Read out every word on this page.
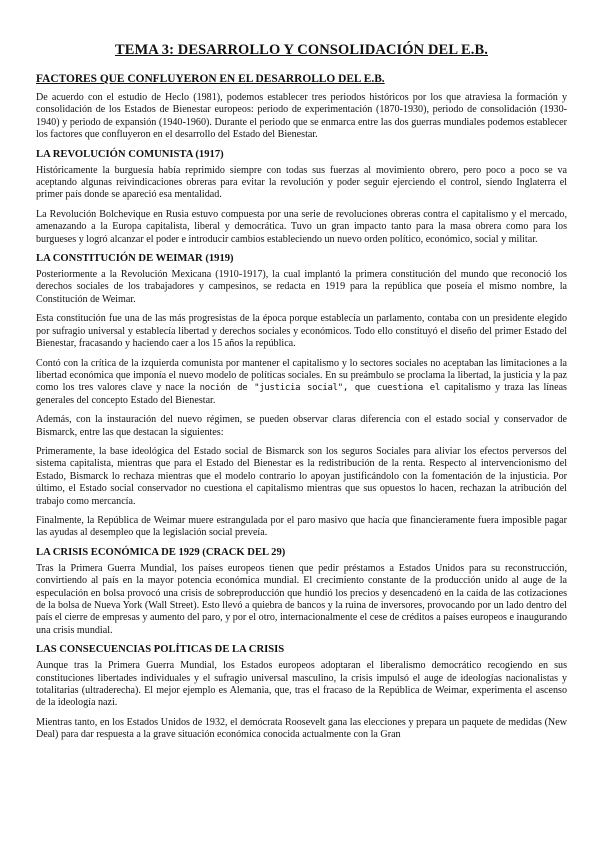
TEMA 3: DESARROLLO Y CONSOLIDACIÓN DEL E.B.
FACTORES QUE CONFLUYERON EN EL DESARROLLO DEL E.B.
De acuerdo con el estudio de Heclo (1981), podemos establecer tres periodos históricos por los que atraviesa la formación y consolidación de los Estados de Bienestar europeos: periodo de experimentación (1870-1930), periodo de consolidación (1930-1940) y periodo de expansión (1940-1960). Durante el periodo que se enmarca entre las dos guerras mundiales podemos establecer los factores que confluyeron en el desarrollo del Estado del Bienestar.
LA REVOLUCIÓN COMUNISTA (1917)
Históricamente la burguesía había reprimido siempre con todas sus fuerzas al movimiento obrero, pero poco a poco se va aceptando algunas reivindicaciones obreras para evitar la revolución y poder seguir ejerciendo el control, siendo Inglaterra el primer país donde se apareció esa mentalidad.
La Revolución Bolchevique en Rusia estuvo compuesta por una serie de revoluciones obreras contra el capitalismo y el mercado, amenazando a la Europa capitalista, liberal y democrática. Tuvo un gran impacto tanto para la masa obrera como para los burgueses y logró alcanzar el poder e introducir cambios estableciendo un nuevo orden político, económico, social y militar.
LA CONSTITUCIÓN DE WEIMAR (1919)
Posteriormente a la Revolución Mexicana (1910-1917), la cual implantó la primera constitución del mundo que reconoció los derechos sociales de los trabajadores y campesinos, se redacta en 1919 para la república que poseía el mismo nombre, la Constitución de Weimar.
Esta constitución fue una de las más progresistas de la época porque establecía un parlamento, contaba con un presidente elegido por sufragio universal y establecía libertad y derechos sociales y económicos. Todo ello constituyó el diseño del primer Estado del Bienestar, fracasando y haciendo caer a los 15 años la república.
Contó con la crítica de la izquierda comunista por mantener el capitalismo y lo sectores sociales no aceptaban las limitaciones a la libertad económica que imponía el nuevo modelo de políticas sociales. En su preámbulo se proclama la libertad, la justicia y la paz como los tres valores clave y nace la noción de "justicia social", que cuestiona el capitalismo y traza las líneas generales del concepto Estado del Bienestar.
Además, con la instauración del nuevo régimen, se pueden observar claras diferencia con el estado social y conservador de Bismarck, entre las que destacan la siguientes:
Primeramente, la base ideológica del Estado social de Bismarck son los seguros Sociales para aliviar los efectos perversos del sistema capitalista, mientras que para el Estado del Bienestar es la redistribución de la renta. Respecto al intervencionismo del Estado, Bismarck lo rechaza mientras que el modelo contrario lo apoyan justificándolo con la fomentación de la injusticia. Por último, el Estado social conservador no cuestiona el capitalismo mientras que sus opuestos lo hacen, rechazan la atribución del trabajo como mercancía.
Finalmente, la República de Weimar muere estrangulada por el paro masivo que hacía que financieramente fuera imposible pagar las ayudas al desempleo que la legislación social preveía.
LA CRISIS ECONÓMICA DE 1929 (CRACK DEL 29)
Tras la Primera Guerra Mundial, los países europeos tienen que pedir préstamos a Estados Unidos para su reconstrucción, convirtiendo al país en la mayor potencia económica mundial. El crecimiento constante de la producción unido al auge de la especulación en bolsa provocó una crisis de sobreproducción que hundió los precios y desencadenó en la caída de las cotizaciones de la bolsa de Nueva York (Wall Street). Esto llevó a quiebra de bancos y la ruina de inversores, provocando por un lado dentro del país el cierre de empresas y aumento del paro, y por el otro, internacionalmente el cese de créditos a países europeos e inaugurando una crisis mundial.
LAS CONSECUENCIAS POLÍTICAS DE LA CRISIS
Aunque tras la Primera Guerra Mundial, los Estados europeos adoptaran el liberalismo democrático recogiendo en sus constituciones libertades individuales y el sufragio universal masculino, la crisis impulsó el auge de ideologías nacionalistas y totalitarias (ultraderecha). El mejor ejemplo es Alemania, que, tras el fracaso de la República de Weimar, experimenta el ascenso de la ideología nazi.
Mientras tanto, en los Estados Unidos de 1932, el demócrata Roosevelt gana las elecciones y prepara un paquete de medidas (New Deal) para dar respuesta a la grave situación económica conocida actualmente con la Gran
